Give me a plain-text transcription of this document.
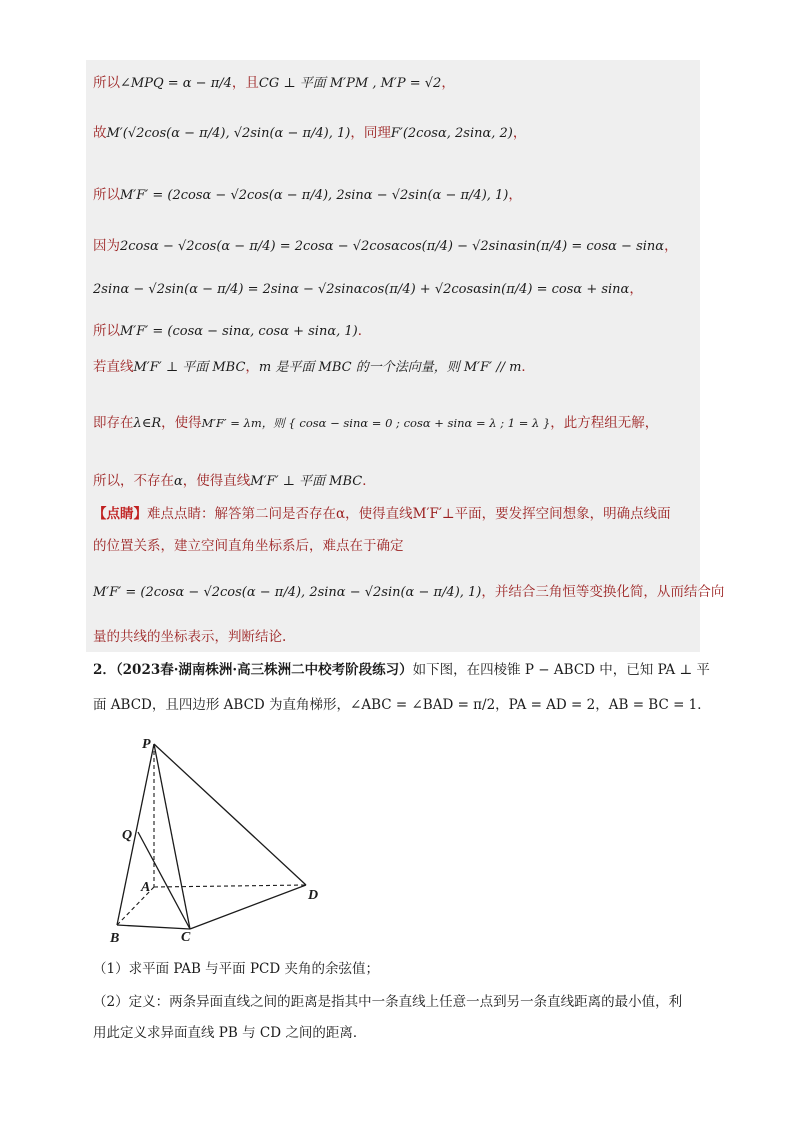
所以∠MPQ = α − π/4，且CG ⊥ 平面 M′PM , M′P = √2，
故M′(√2cos(α − π/4), √2sin(α − π/4), 1)，同理F′(2cosα, 2sinα, 2)，
所以M′F′ = (2cosα − √2cos(α − π/4), 2sinα − √2sin(α − π/4), 1)，
因为2cosα − √2cos(α − π/4) = 2cosα − √2cosαcos(π/4) − √2sinαsin(π/4) = cosα − sinα，
2sinα − √2sin(α − π/4) = 2sinα − √2sinαcos(π/4) + √2cosαsin(π/4) = cosα + sinα，
所以M′F′ = (cosα − sinα, cosα + sinα, 1)．
若直线M′F′ ⊥ 平面 MBC，m 是平面 MBC 的一个法向量，则 M′F′ // m．
即存在λ∈R，使得M′F′ = λm，则 { cosα − sinα = 0 ; cosα + sinα = λ ; 1 = λ }，此方程组无解，
所以，不存在α，使得直线M′F′ ⊥ 平面 MBC．
【点睛】难点点睛：解答第二问是否存在α，使得直线M′F′⊥平面，要发挥空间想象，明确点线面
的位置关系，建立空间直角坐标系后，难点在于确定
M′F′ = (2cosα − √2cos(α − π/4), 2sinα − √2sin(α − π/4), 1)，并结合三角恒等变换化简，从而结合向
量的共线的坐标表示，判断结论.
2．（2023春·湖南株洲·高三株洲二中校考阶段练习）如下图，在四棱锥 P − ABCD 中，已知 PA ⊥ 平
面 ABCD，且四边形 ABCD 为直角梯形，∠ABC = ∠BAD = π/2，PA = AD = 2，AB = BC = 1．
P
Q
A
B	C
D
（1）求平面 PAB 与平面 PCD 夹角的余弦值；
（2）定义：两条异面直线之间的距离是指其中一条直线上任意一点到另一条直线距离的最小值，利
用此定义求异面直线 PB 与 CD 之间的距离．
